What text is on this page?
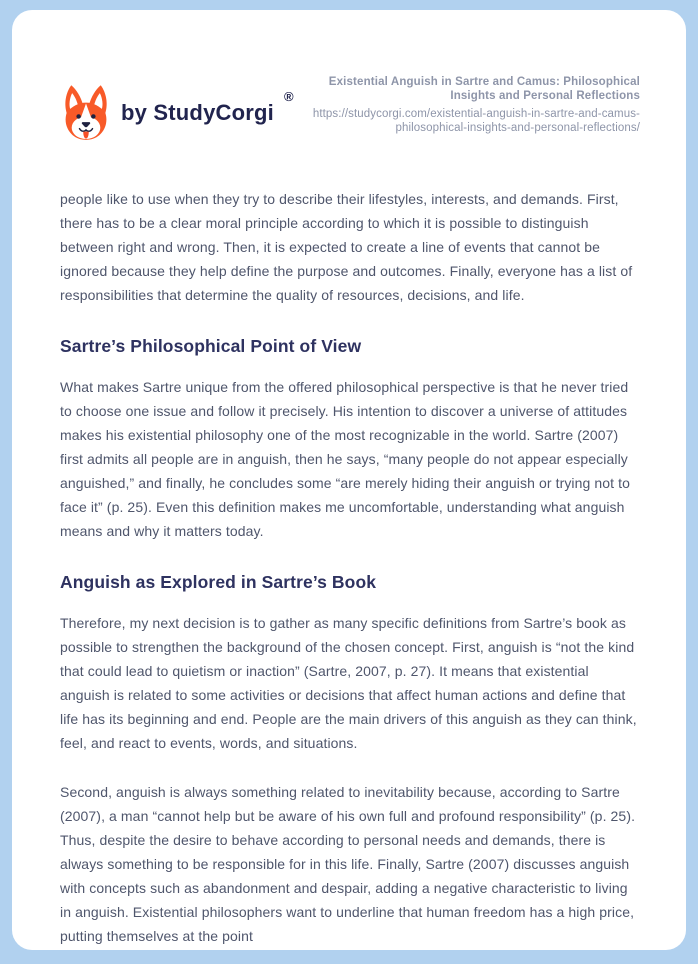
by StudyCorgi
®
Existential Anguish in Sartre and Camus: Philosophical Insights and Personal Reflections
https://studycorgi.com/existential-anguish-in-sartre-and-camus-philosophical-insights-and-personal-reflections/

people like to use when they try to describe their lifestyles, interests, and demands. First, there has to be a clear moral principle according to which it is possible to distinguish between right and wrong. Then, it is expected to create a line of events that cannot be ignored because they help define the purpose and outcomes. Finally, everyone has a list of responsibilities that determine the quality of resources, decisions, and life.

Sartre’s Philosophical Point of View

What makes Sartre unique from the offered philosophical perspective is that he never tried to choose one issue and follow it precisely. His intention to discover a universe of attitudes makes his existential philosophy one of the most recognizable in the world. Sartre (2007) first admits all people are in anguish, then he says, “many people do not appear especially anguished,” and finally, he concludes some “are merely hiding their anguish or trying not to face it” (p. 25). Even this definition makes me uncomfortable, understanding what anguish means and why it matters today.

Anguish as Explored in Sartre’s Book

Therefore, my next decision is to gather as many specific definitions from Sartre’s book as possible to strengthen the background of the chosen concept. First, anguish is “not the kind that could lead to quietism or inaction” (Sartre, 2007, p. 27). It means that existential anguish is related to some activities or decisions that affect human actions and define that life has its beginning and end. People are the main drivers of this anguish as they can think, feel, and react to events, words, and situations.

Second, anguish is always something related to inevitability because, according to Sartre (2007), a man “cannot help but be aware of his own full and profound responsibility” (p. 25). Thus, despite the desire to behave according to personal needs and demands, there is always something to be responsible for in this life. Finally, Sartre (2007) discusses anguish with concepts such as abandonment and despair, adding a negative characteristic to living in anguish. Existential philosophers want to underline that human freedom has a high price, putting themselves at the point
